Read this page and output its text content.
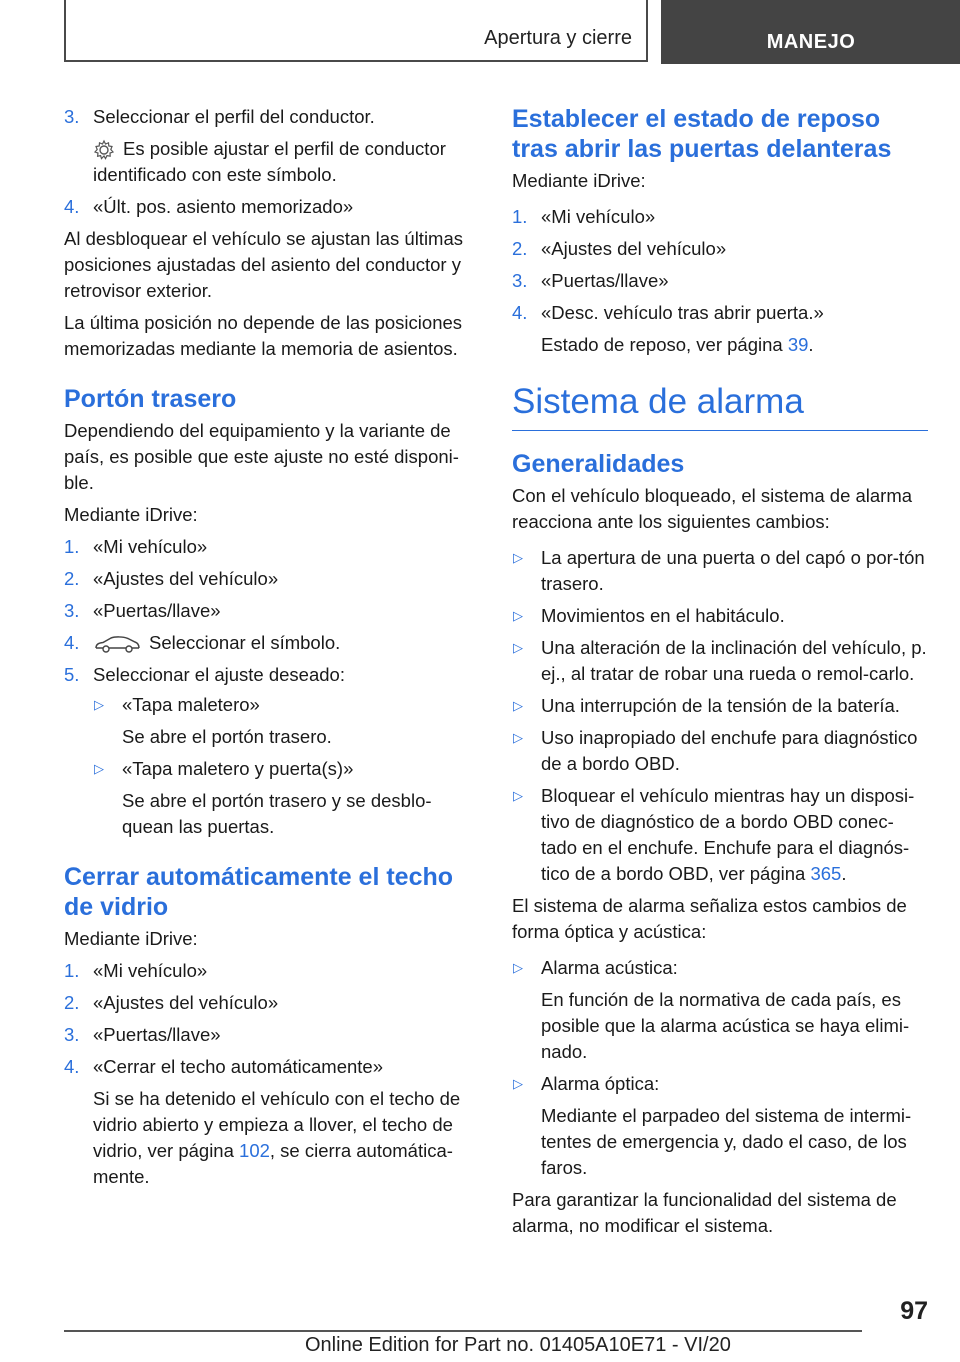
Apertura y cierre	MANEJO
3. Seleccionar el perfil del conductor.
Es posible ajustar el perfil de conductor identificado con este símbolo.
4. «Últ. pos. asiento memorizado»

Al desbloquear el vehículo se ajustan las últimas posiciones ajustadas del asiento del conductor y retrovisor exterior.

La última posición no depende de las posiciones memorizadas mediante la memoria de asientos.

Portón trasero

Dependiendo del equipamiento y la variante de país, es posible que este ajuste no esté disponi‐ble.

Mediante iDrive:

1. «Mi vehículo»
2. «Ajustes del vehículo»
3. «Puertas/llave»
4.	Seleccionar el símbolo.
5. Seleccionar el ajuste deseado:
▷ «Tapa maletero»
Se abre el portón trasero.
▷ «Tapa maletero y puerta(s)»
Se abre el portón trasero y se desblo‐quean las puertas.
Cerrar automáticamente el techo de vidrio

Mediante iDrive:

1. «Mi vehículo»
2. «Ajustes del vehículo»
3. «Puertas/llave»
4. «Cerrar el techo automáticamente»
Si se ha detenido el vehículo con el techo de vidrio abierto y empieza a llover, el techo de vidrio, ver página 102, se cierra automática‐mente.
Establecer el estado de reposo tras abrir las puertas delanteras

Mediante iDrive:

1. «Mi vehículo»
2. «Ajustes del vehículo»
3. «Puertas/llave»
4. «Desc. vehículo tras abrir puerta.»
Estado de reposo, ver página 39.
Sistema de alarma
Generalidades

Con el vehículo bloqueado, el sistema de alarma reacciona ante los siguientes cambios:

▷ La apertura de una puerta o del capó o por‐tón trasero.
▷ Movimientos en el habitáculo.
▷ Una alteración de la inclinación del vehículo, p. ej., al tratar de robar una rueda o remol‐carlo.
▷ Una interrupción de la tensión de la batería.
▷ Uso inapropiado del enchufe para diagnóstico de a bordo OBD.
▷ Bloquear el vehículo mientras hay un disposi‐tivo de diagnóstico de a bordo OBD conec‐tado en el enchufe. Enchufe para el diagnós‐tico de a bordo OBD, ver página 365.

El sistema de alarma señaliza estos cambios de forma óptica y acústica:

▷ Alarma acústica:
En función de la normativa de cada país, es posible que la alarma acústica se haya elimi‐nado.
▷ Alarma óptica:
Mediante el parpadeo del sistema de intermi‐tentes de emergencia y, dado el caso, de los faros.

Para garantizar la funcionalidad del sistema de alarma, no modificar el sistema.

97
Online Edition for Part no. 01405A10E71 - VI/20
